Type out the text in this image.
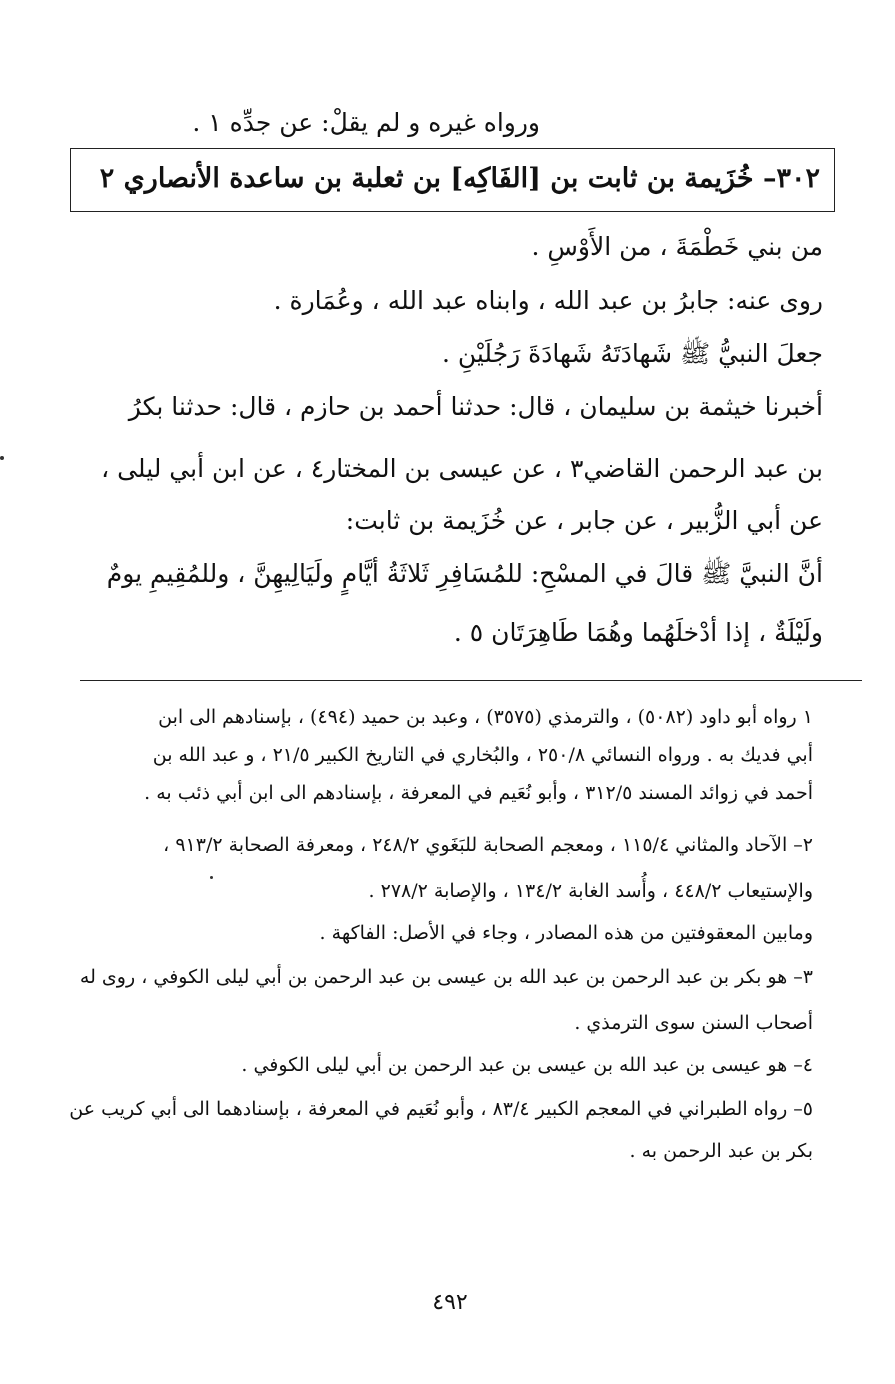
ورواه غيره و لم يقلْ: عن جدِّه ١ .
٣٠٢– خُزَيمة بن ثابت بن [الفَاكِه] بن ثعلبة بن ساعدة الأنصاري ٢
من بني خَطْمَةَ ، من الأَوْسِ .
روى عنه: جابرُ بن عبد الله ، وابناه عبد الله ، وعُمَارة .
جعلَ النبيُّ ﷺ شَهادَتَهُ شَهادَةَ رَجُلَيْنِ .
أخبرنا خيثمة بن سليمان ، قال: حدثنا أحمد بن حازم ، قال: حدثنا بكرُ
بن عبد الرحمن القاضي٣ ، عن عيسى بن المختار٤ ، عن ابن أبي ليلى ،
عن أبي الزُّبير ، عن جابر ، عن خُزَيمة بن ثابت:
أنَّ النبيَّ ﷺ قالَ في المسْحِ: للمُسَافِرِ ثَلاثَةُ أيَّامٍ ولَيَالِيهِنَّ ، وللمُقِيمِ يومٌ
ولَيْلَةٌ ، إذا أدْخلَهُما وهُمَا طَاهِرَتَان ٥ .
١ رواه أبو داود (٥٠٨٢) ، والترمذي (٣٥٧٥) ، وعبد بن حميد (٤٩٤) ، بإسنادهم الى ابن
أبي فديك به . ورواه النسائي ٢٥٠/٨ ، والبُخاري في التاريخ الكبير ٢١/٥ ، و عبد الله بن
أحمد في زوائد المسند ٣١٢/٥ ، وأبو نُعَيم في المعرفة ، بإسنادهم الى ابن أبي ذئب به .
٢– الآحاد والمثاني ١١٥/٤ ، ومعجم الصحابة للبَغَوي ٢٤٨/٢ ، ومعرفة الصحابة ٩١٣/٢ ،
والإستيعاب ٤٤٨/٢ ، وأُسد الغابة ١٣٤/٢ ، والإصابة ٢٧٨/٢ .
ومابين المعقوفتين من هذه المصادر ، وجاء في الأصل: الفاكهة .
٣– هو بكر بن عبد الرحمن بن عبد الله بن عيسى بن عبد الرحمن بن أبي ليلى الكوفي ، روى له
أصحاب السنن سوى الترمذي .
٤– هو عيسى بن عبد الله بن عيسى بن عبد الرحمن بن أبي ليلى الكوفي .
٥– رواه الطبراني في المعجم الكبير ٨٣/٤ ، وأبو نُعَيم في المعرفة ، بإسنادهما الى أبي كريب عن
بكر بن عبد الرحمن به .
٤٩٢
